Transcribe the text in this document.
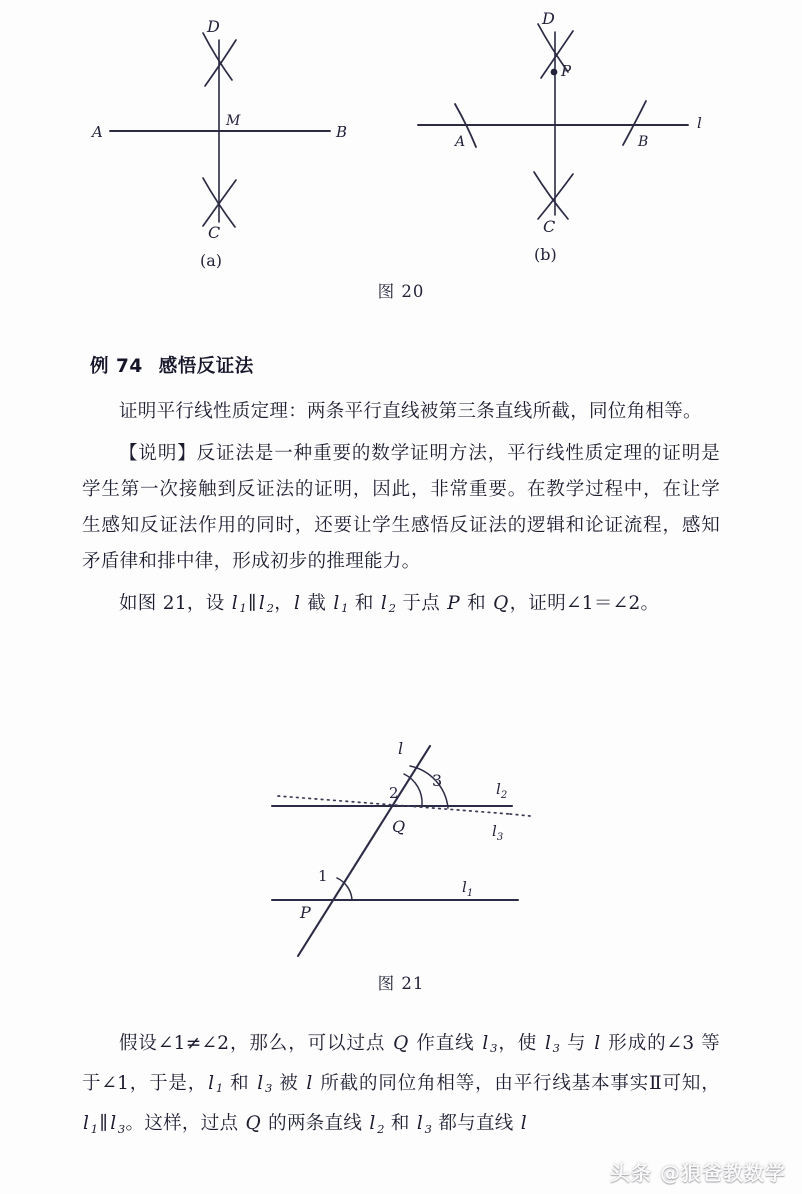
D
C
A	B
M
(a)
D
C
P
A	B
l
(b)
图 20
例 74 感悟反证法

证明平行线性质定理：两条平行直线被第三条直线所截，同位角相等。

【说明】反证法是一种重要的数学证明方法，平行线性质定理的证明是学生第一次接触到反证法的证明，因此，非常重要。在教学过程中，在让学生感知反证法作用的同时，还要让学生感悟反证法的逻辑和论证流程，感知矛盾律和排中律，形成初步的推理能力。

如图 21，设 l $_1$∥ l $_2$，l 截 l $_1$ 和 l $_2$ 于点 P 和 Q，证明∠1＝∠2。

l
2
3
1
Q
P
$l_2$
$l_3$
$l_1$
图 21

假设∠1≠∠2，那么，可以过点 Q 作直线 l $_3$，使 l $_3$ 与 l 形成的∠3 等于∠1，于是，l $_1$ 和 l $_3$ 被 l 所截的同位角相等，由平行线基本事实Ⅱ可知，l $_1$∥ l $_3$。这样，过点 Q 的两条直线 l $_2$ 和 l $_3$ 都与直线 l

头条 @狼爸教数学
